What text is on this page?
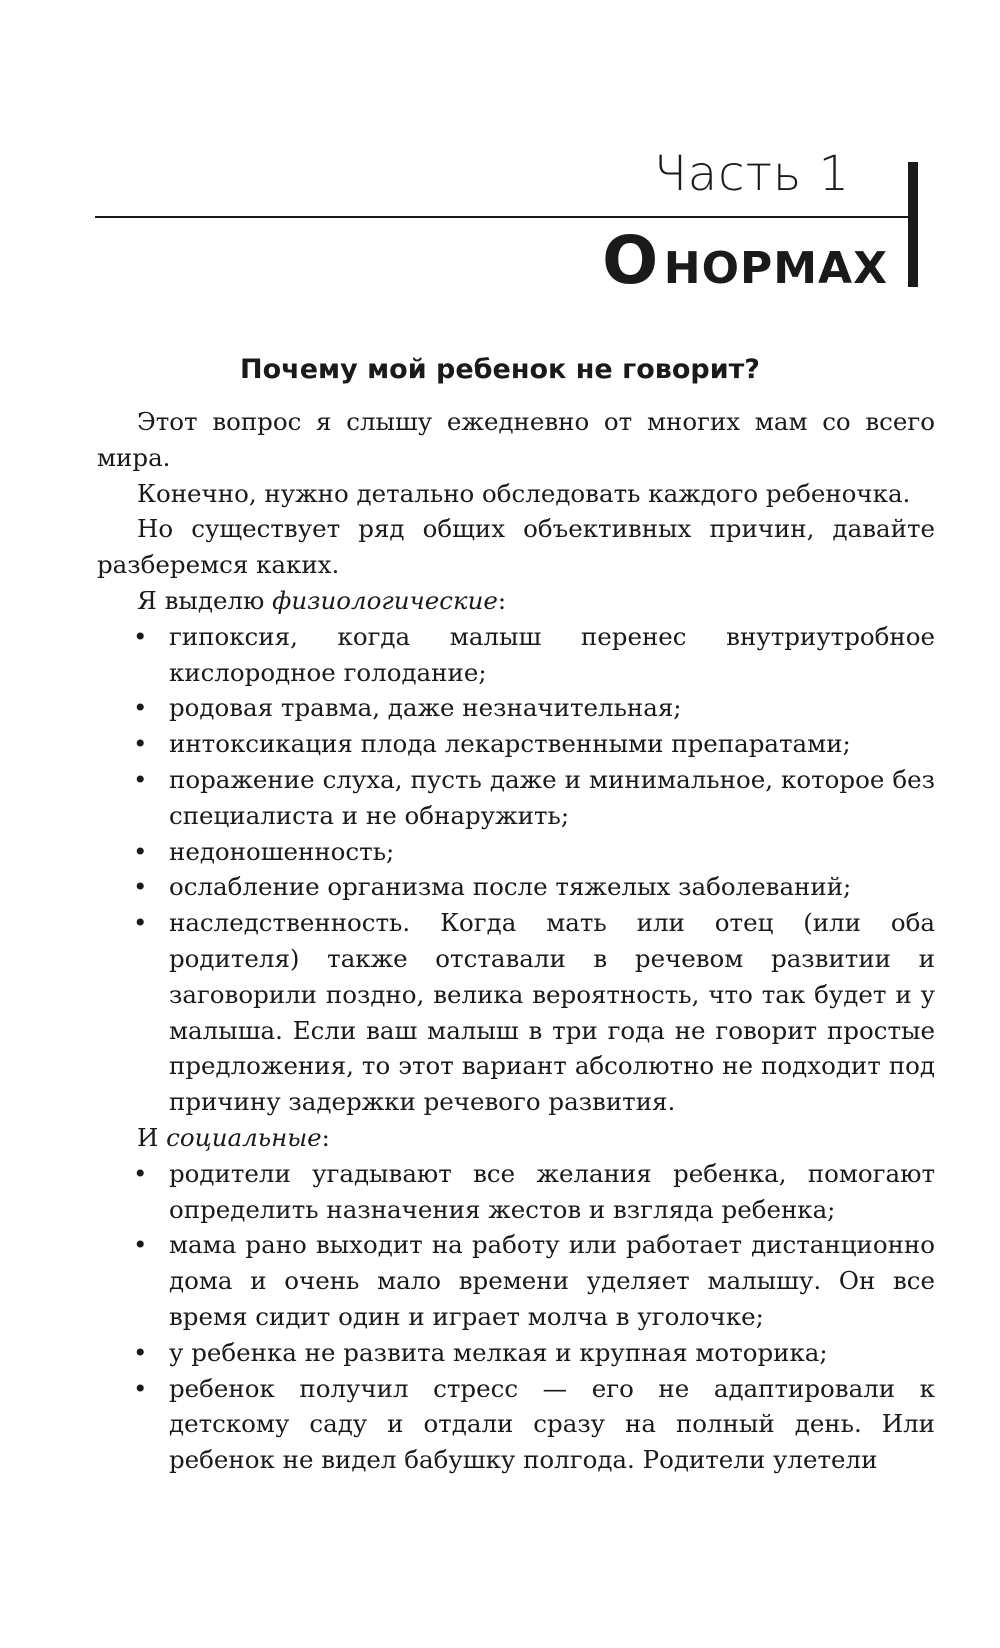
Часть 1
О НОРМАХ
Почему мой ребенок не говорит?

Этот вопрос я слышу ежедневно от многих мам со всего мира.

Конечно, нужно детально обследовать каждого ребеночка.

Но существует ряд общих объективных причин, давайте разберемся каких.

Я выделю физиологические:

• гипоксия, когда малыш перенес внутриутробное кислородное голодание;
• родовая травма, даже незначительная;
• интоксикация плода лекарственными препаратами;
• поражение слуха, пусть даже и минимальное, которое без специалиста и не обнаружить;
• недоношенность;
• ослабление организма после тяжелых заболеваний;
• наследственность. Когда мать или отец (или оба родителя) также отставали в речевом развитии и заговорили поздно, велика вероятность, что так будет и у малыша. Если ваш малыш в три года не говорит простые предложения, то этот вариант абсолютно не подходит под причину задержки речевого развития.

И социальные:

• родители угадывают все желания ребенка, помогают определить назначения жестов и взгляда ребенка;
• мама рано выходит на работу или работает дистанционно дома и очень мало времени уделяет малышу. Он все время сидит один и играет молча в уголочке;
• у ребенка не развита мелкая и крупная моторика;
• ребенок получил стресс — его не адаптировали к детскому саду и отдали сразу на полный день. Или ребенок не видел бабушку полгода. Родители улетели
